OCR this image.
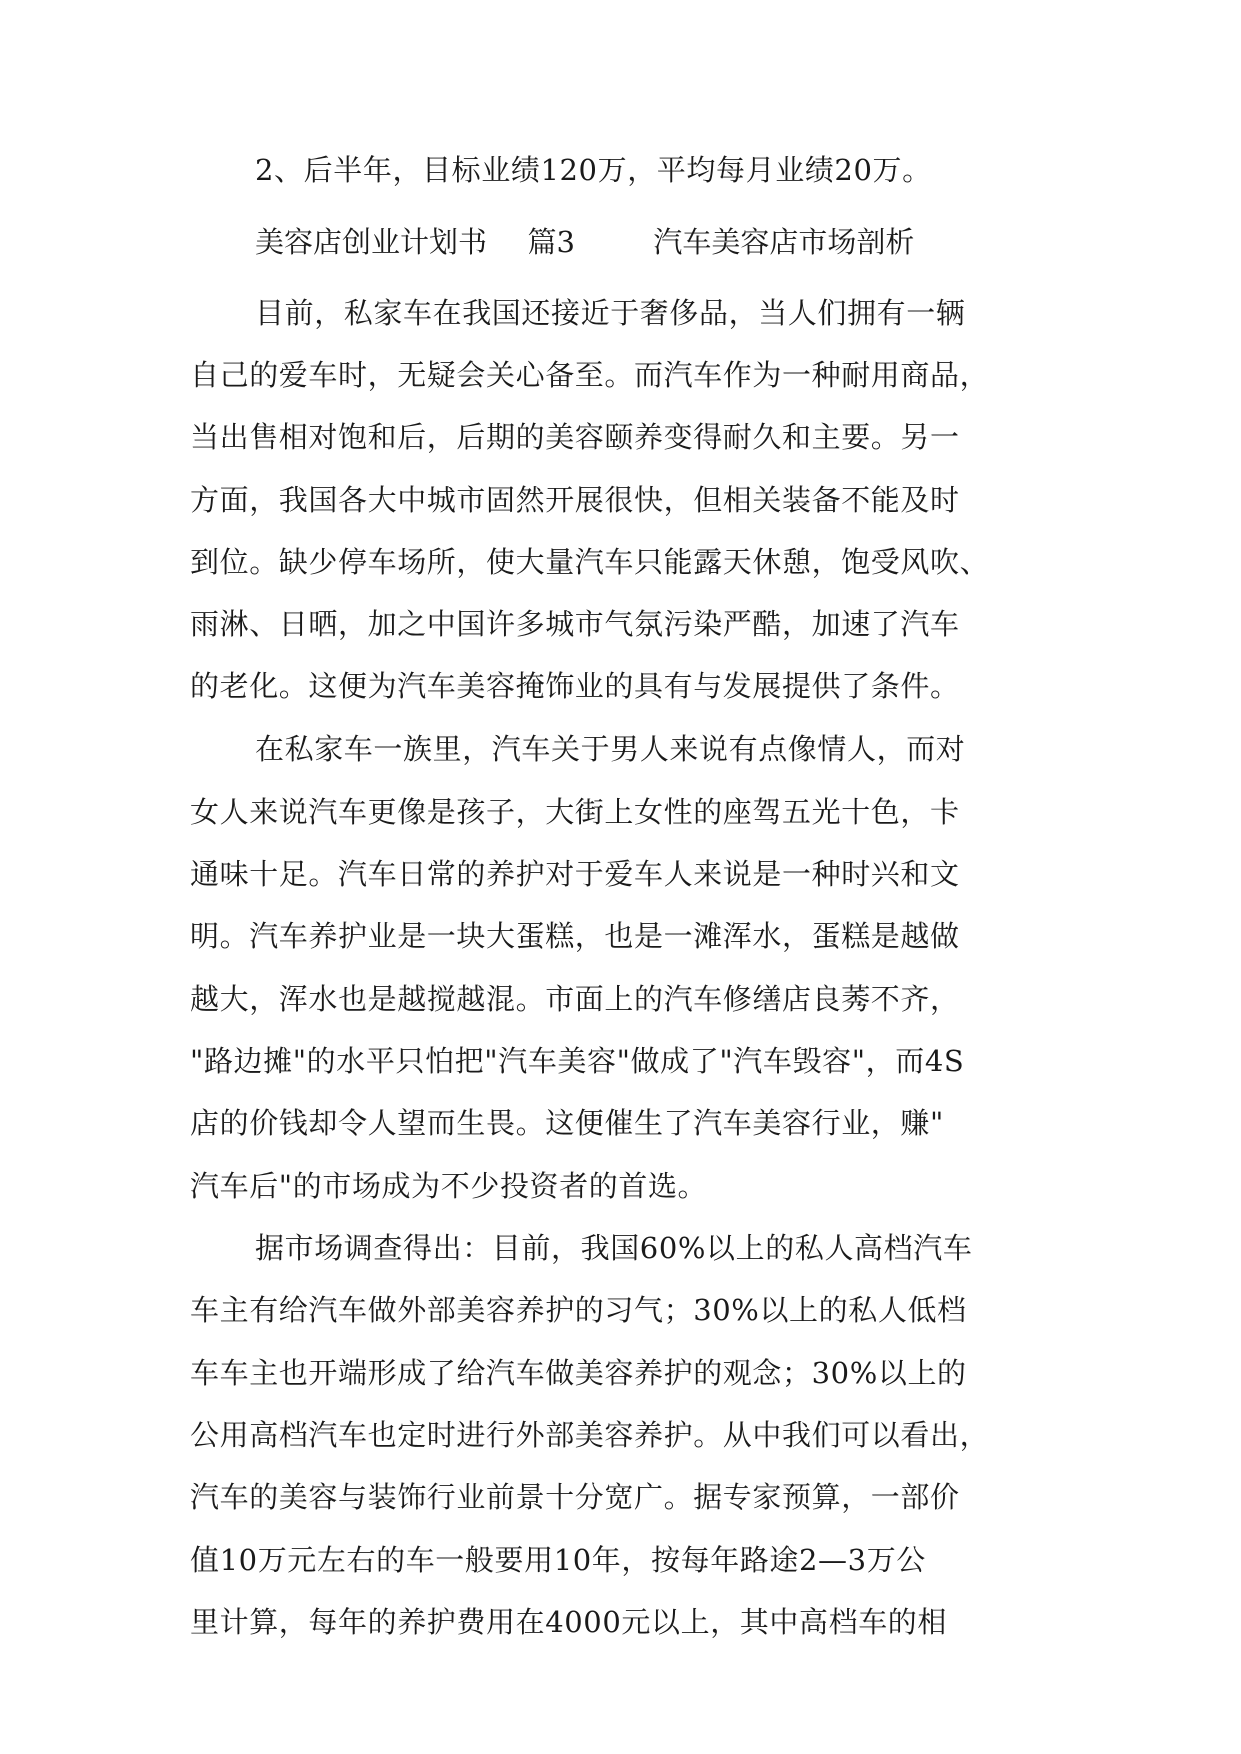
2、后半年，目标业绩120万，平均每月业绩20万。
美容店创业计划书 篇3	汽车美容店市场剖析
目前，私家车在我国还接近于奢侈品，当人们拥有一辆
自己的爱车时，无疑会关心备至。而汽车作为一种耐用商品，
当出售相对饱和后，后期的美容颐养变得耐久和主要。另一
方面，我国各大中城市固然开展很快，但相关装备不能及时
到位。缺少停车场所，使大量汽车只能露天休憩，饱受风吹、
雨淋、日晒，加之中国许多城市气氛污染严酷，加速了汽车
的老化。这便为汽车美容掩饰业的具有与发展提供了条件。
在私家车一族里，汽车关于男人来说有点像情人，而对
女人来说汽车更像是孩子，大街上女性的座驾五光十色，卡
通味十足。汽车日常的养护对于爱车人来说是一种时兴和文
明。汽车养护业是一块大蛋糕，也是一滩浑水，蛋糕是越做
越大，浑水也是越搅越混。市面上的汽车修缮店良莠不齐，
"路边摊"的水平只怕把"汽车美容"做成了"汽车毁容"，而4S
店的价钱却令人望而生畏。这便催生了汽车美容行业，赚"
汽车后"的市场成为不少投资者的首选。
据市场调查得出：目前，我国60%以上的私人高档汽车
车主有给汽车做外部美容养护的习气；30%以上的私人低档
车车主也开端形成了给汽车做美容养护的观念；30%以上的
公用高档汽车也定时进行外部美容养护。从中我们可以看出，
汽车的美容与装饰行业前景十分宽广。据专家预算，一部价
值10万元左右的车一般要用10年，按每年路途2—3万公
里计算，每年的养护费用在4000元以上，其中高档车的相
